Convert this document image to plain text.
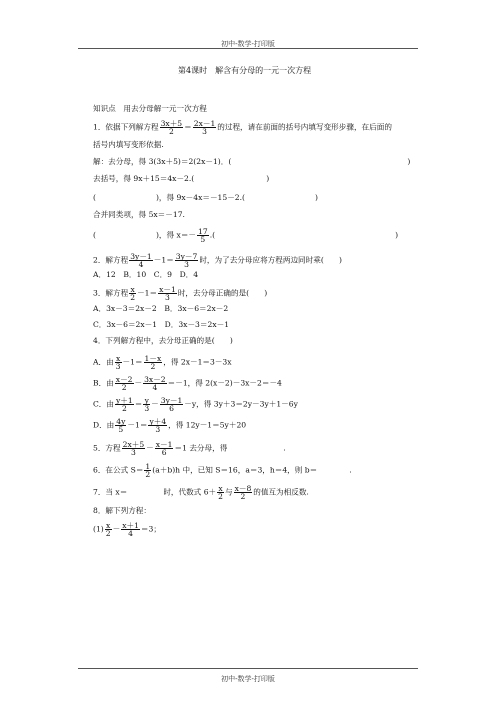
初中-数学-打印版
第4课时　解含有分母的一元一次方程
知识点　用去分母解一元一次方程
1．依据下列解方程 $\frac{3x+5}{2} = \frac{2x-1}{3}$ 的过程，请在前面的括号内填写变形步骤，在后面的
括号内填写变形依据.
解：去分母，得 3(3x＋5)＝2(2x－1)．(	)
去括号，得 9x＋15＝4x－2.(	)
(	)，得 9x－4x＝－15－2.(	)
合并同类项，得 5x＝－17.
(	)，得 $x=- \frac{17}{5}$ .(	)
2．解方程 $\frac{3y-1}{4} -1= \frac{3y-7}{3}$ 时，为了去分母应将方程两边同时乘(　　)
A．12　B．10　C．9　D．4
3．解方程 $\frac{x}{2} -1= \frac{x-1}{3}$ 时，去分母正确的是(　　)
A．3x－3＝2x－2　B．3x－6＝2x－2
C．3x－6＝2x－1　D．3x－3＝2x－1
4．下列解方程中，去分母正确的是(　　)
A．由 $\frac{x}{3} -1= \frac{1-x}{2}$ ，得 2x－1＝3－3x
B．由 $\frac{x-2}{2} - \frac{3x-2}{4} =-1$，得 2(x－2)－3x－2＝－4
C．由 $\frac{y+1}{2} = \frac{y}{3} - \frac{3y-1}{6} -y$，得 3y＋3＝2y－3y＋1－6y
D．由 $\frac{4y}{5} -1= \frac{y+4}{3}$ ，得 12y－1＝5y＋20
5．方程 $\frac{2x+5}{3} - \frac{x-1}{6} =1$ 去分母，得	.
6．在公式 $S= \frac{1}{2} (a+b)h$ 中，已知 S＝16，a＝3，h＝4，则 b＝	.
7．当 x＝	时，代数式 $6+ \frac{x}{2}$ 与 $\frac{x-8}{2}$ 的值互为相反数.
8．解下列方程：
$(1) \frac{x}{2} - \frac{x+1}{4} =3$；
初中-数学-打印版
